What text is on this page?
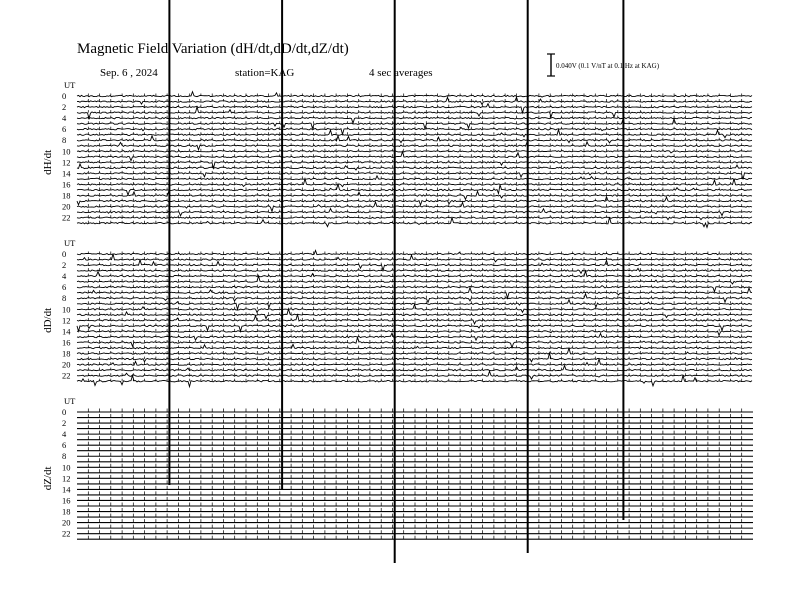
Magnetic Field Variation (dH/dt,dD/dt,dZ/dt)
Sep. 6 , 2024	station=KAG	4 sec averages
0.040V (0.1 V/nT at 0.1 Hz at KAG)
UT
dH/dt
0
2
4
6
8
10
12
14
16
18
20
22
UT
dD/dt
0
2
4
6
8
10
12
14
16
18
20
22
UT
dZ/dt
0
2
4
6
8
10
12
14
16
18
20
22
